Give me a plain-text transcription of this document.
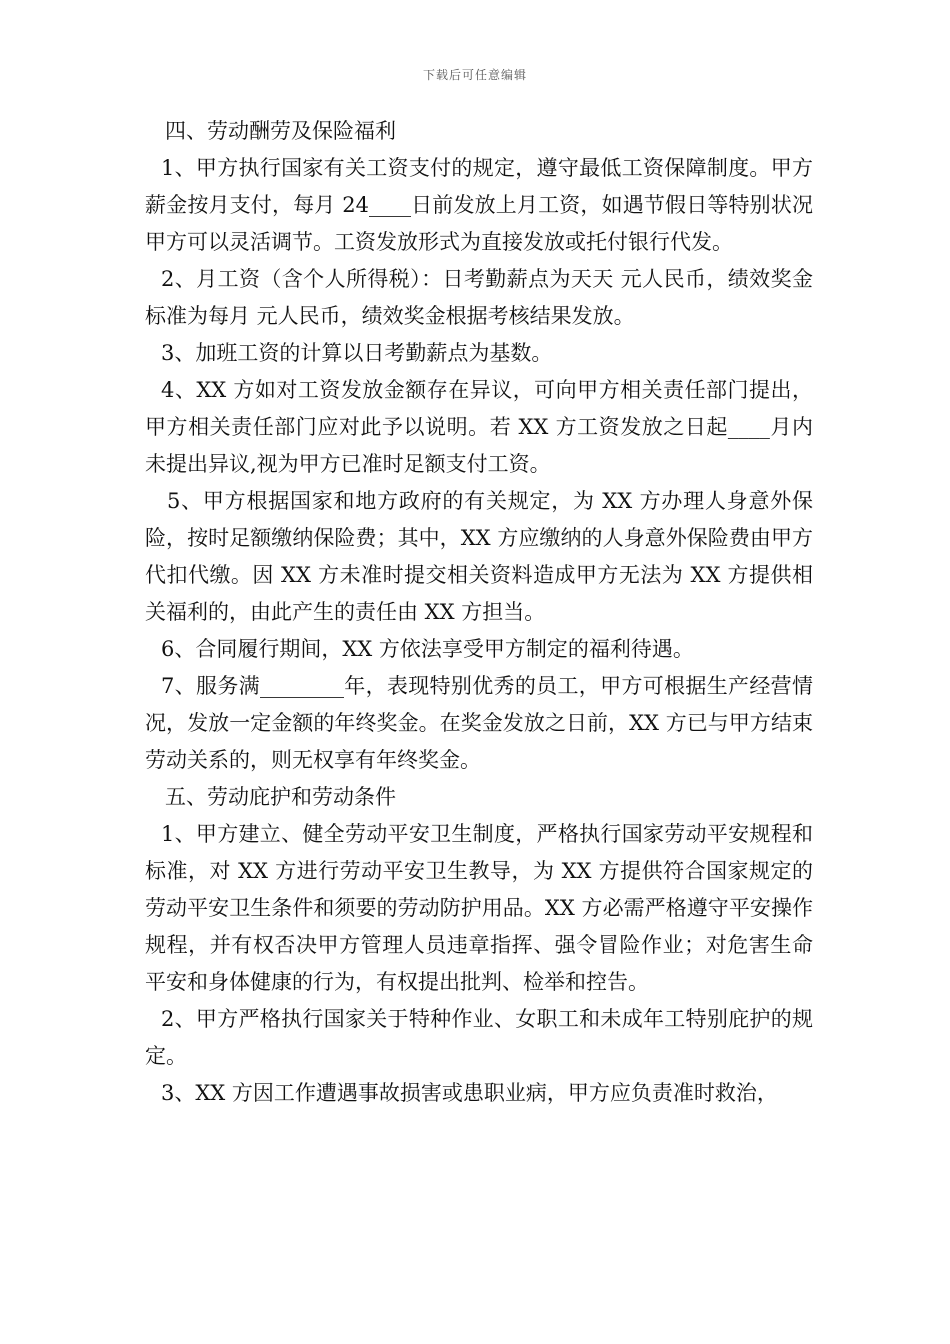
下载后可任意编辑

四、劳动酬劳及保险福利

1、甲方执行国家有关工资支付的规定，遵守最低工资保障制度。甲方薪金按月支付，每月 24____日前发放上月工资，如遇节假日等特别状况甲方可以灵活调节。工资发放形式为直接发放或托付银行代发。

2、月工资（含个人所得税）：日考勤薪点为天天 元人民币，绩效奖金标准为每月 元人民币，绩效奖金根据考核结果发放。

3、加班工资的计算以日考勤薪点为基数。

4、XX 方如对工资发放金额存在异议，可向甲方相关责任部门提出，甲方相关责任部门应对此予以说明。若 XX 方工资发放之日起____月内未提出异议,视为甲方已准时足额支付工资。

5、甲方根据国家和地方政府的有关规定，为 XX 方办理人身意外保险，按时足额缴纳保险费；其中，XX 方应缴纳的人身意外保险费由甲方代扣代缴。因 XX 方未准时提交相关资料造成甲方无法为 XX 方提供相关福利的，由此产生的责任由 XX 方担当。

6、合同履行期间，XX 方依法享受甲方制定的福利待遇。

7、服务满________年，表现特别优秀的员工，甲方可根据生产经营情况，发放一定金额的年终奖金。在奖金发放之日前，XX 方已与甲方结束劳动关系的，则无权享有年终奖金。

五、劳动庇护和劳动条件

1、甲方建立、健全劳动平安卫生制度，严格执行国家劳动平安规程和标准，对 XX 方进行劳动平安卫生教导，为 XX 方提供符合国家规定的劳动平安卫生条件和须要的劳动防护用品。XX 方必需严格遵守平安操作规程，并有权否决甲方管理人员违章指挥、强令冒险作业；对危害生命平安和身体健康的行为，有权提出批判、检举和控告。

2、甲方严格执行国家关于特种作业、女职工和未成年工特别庇护的规定。

3、XX 方因工作遭遇事故损害或患职业病，甲方应负责准时救治，
